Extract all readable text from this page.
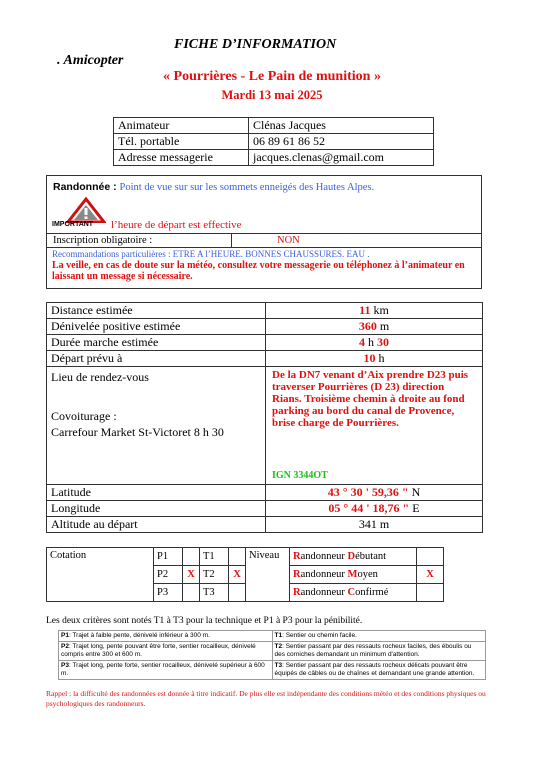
. Amicopter

FICHE D’INFORMATION

« Pourrières - Le Pain de munition »
Mardi 13 mai 2025
Animateur	Clénas Jacques
Tél. portable	06 89 61 86 52
Adresse messagerie	jacques.clenas@gmail.com
Randonnée : Point de vue sur sur les sommets enneigés des Hautes Alpes.
IMPORTANT l’heure de départ est effective
Inscription obligatoire :	NON
Recommandations particulières : ETRE A l’HEURE. BONNES CHAUSSURES. EAU .
La veille, en cas de doute sur la météo, consultez votre messagerie ou téléphonez à l’animateur en laissant un message si nécessaire.
Distance estimée	11 km
Dénivelée positive estimée	360 m
Durée marche estimée	4 h 30
Départ prévu à	10 h

Lieu de rendez-vous
Covoiturage :
Carrefour Market St-Victoret 8 h 30	De la DN7 venant d’Aix prendre D23 puis traverser Pourrières (D 23) direction Rians. Troisième chemin à droite au fond parking au bord du canal de Provence, brise charge de Pourrières.
IGN 3344OT

Latitude	43 ° 30 ' 59,36 " N
Longitude	05 ° 44 ' 18,76 " E
Altitude au départ	341 m
Cotation	P1		T1		Niveau	Randonneur Débutant	
	P2	X	T2	X		Randonneur Moyen	X
	P3		T3			Randonneur Confirmé	
Les deux critères sont notés T1 à T3 pour la technique et P1 à P3 pour la pénibilité.
P1: Trajet à faible pente, dénivelé inférieur à 300 m.	T1: Sentier ou chemin facile.
P2: Trajet long, pente pouvant être forte, sentier rocailleux, dénivelé compris entre 300 et 600 m.	T2: Sentier passant par des ressauts rocheux faciles, des éboulis ou des corniches demandant un minimum d'attention.
P3: Trajet long, pente forte, sentier rocailleux, dénivelé supérieur à 600 m.	T3: Sentier passant par des ressauts rocheux délicats pouvant être équipés de câbles ou de chaînes et demandant une grande attention.
Rappel : la difficulté des randonnées est donnée à titre indicatif. De plus elle est indépendante des conditions météo et des conditions physiques ou psychologiques des randonneurs.
